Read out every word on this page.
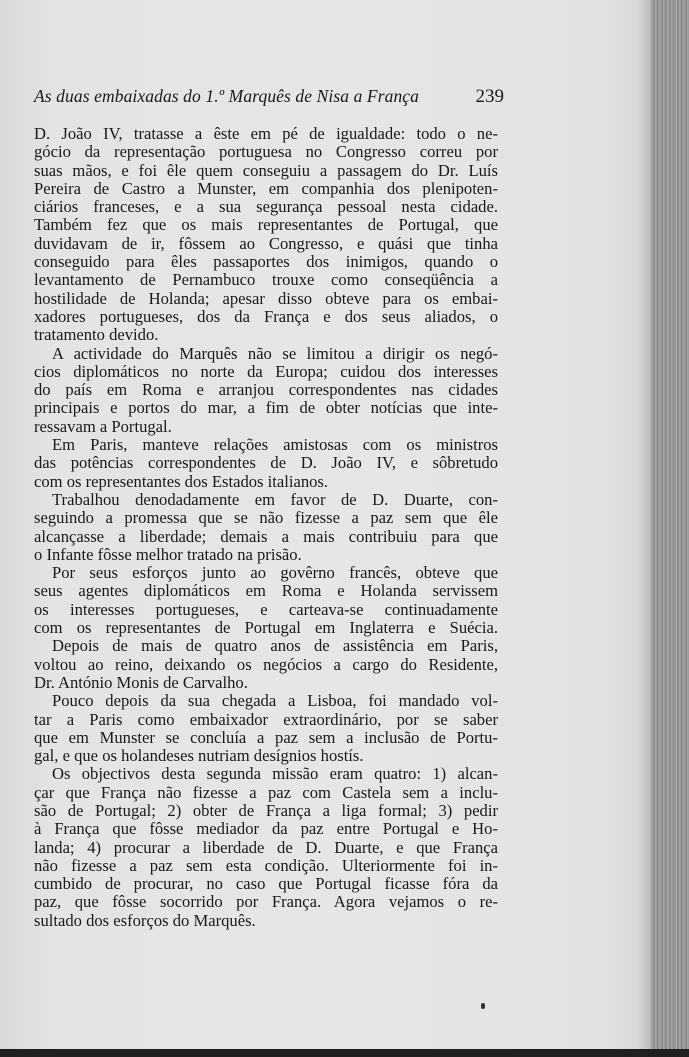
As duas embaixadas do 1.º Marquês de Nisa a França	239
D. João IV, tratasse a êste em pé de igualdade: todo o ne-
gócio da representação portuguesa no Congresso correu por
suas mãos, e foi êle quem conseguiu a passagem do Dr. Luís
Pereira de Castro a Munster, em companhia dos plenipoten-
ciários franceses, e a sua segurança pessoal nesta cidade.
Também fez que os mais representantes de Portugal, que
duvidavam de ir, fôssem ao Congresso, e quási que tinha
conseguido para êles passaportes dos inimigos, quando o
levantamento de Pernambuco trouxe como conseqüência a
hostilidade de Holanda; apesar disso obteve para os embai-
xadores portugueses, dos da França e dos seus aliados, o
tratamento devido.
A actividade do Marquês não se limitou a dirigir os negó-
cios diplomáticos no norte da Europa; cuidou dos interesses
do país em Roma e arranjou correspondentes nas cidades
principais e portos do mar, a fim de obter notícias que inte-
ressavam a Portugal.
Em Paris, manteve relações amistosas com os ministros
das potências correspondentes de D. João IV, e sôbretudo
com os representantes dos Estados italianos.
Trabalhou denodadamente em favor de D. Duarte, con-
seguindo a promessa que se não fizesse a paz sem que êle
alcançasse a liberdade; demais a mais contribuiu para que
o Infante fôsse melhor tratado na prisão.
Por seus esforços junto ao govêrno francês, obteve que
seus agentes diplomáticos em Roma e Holanda servissem
os interesses portugueses, e carteava-se continuadamente
com os representantes de Portugal em Inglaterra e Suécia.
Depois de mais de quatro anos de assistência em Paris,
voltou ao reino, deixando os negócios a cargo do Residente,
Dr. António Monis de Carvalho.
Pouco depois da sua chegada a Lisboa, foi mandado vol-
tar a Paris como embaixador extraordinário, por se saber
que em Munster se concluía a paz sem a inclusão de Portu-
gal, e que os holandeses nutriam desígnios hostís.
Os objectivos desta segunda missão eram quatro: 1) alcan-
çar que França não fizesse a paz com Castela sem a inclu-
são de Portugal; 2) obter de França a liga formal; 3) pedir
à França que fôsse mediador da paz entre Portugal e Ho-
landa; 4) procurar a liberdade de D. Duarte, e que França
não fizesse a paz sem esta condição. Ulteriormente foi in-
cumbido de procurar, no caso que Portugal ficasse fóra da
paz, que fôsse socorrido por França. Agora vejamos o re-
sultado dos esforços do Marquês.
